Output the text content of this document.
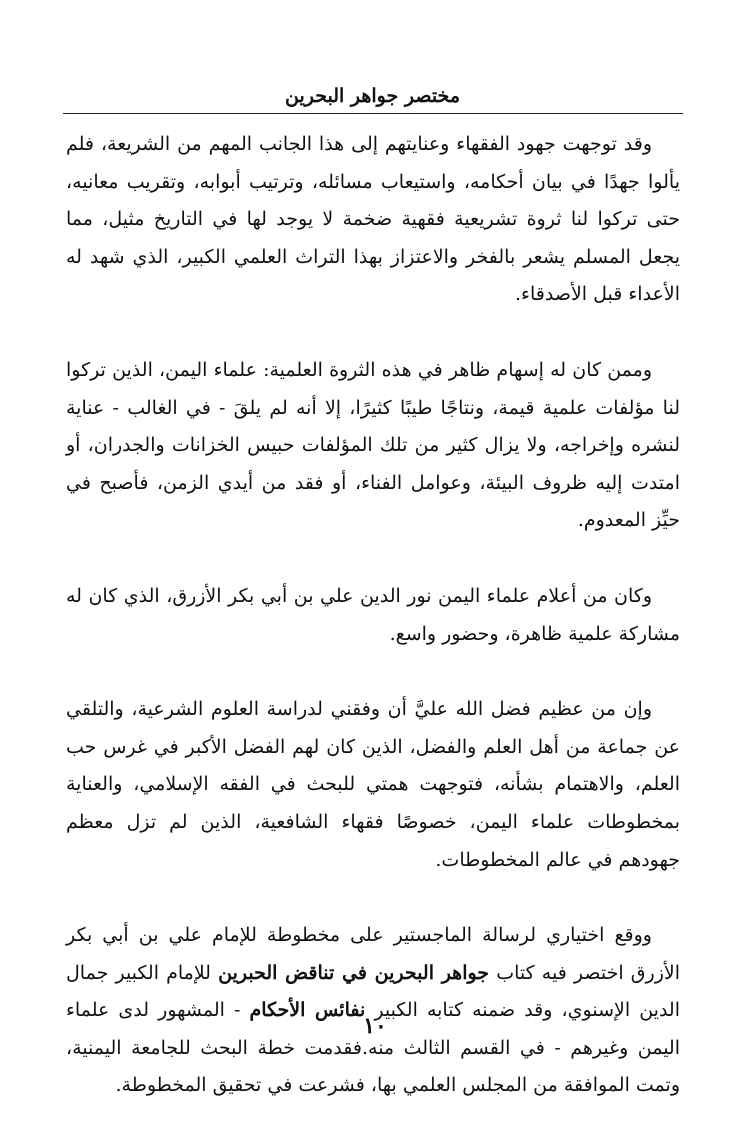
مختصر جواهر البحرين

وقد توجهت جهود الفقهاء وعنايتهم إلى هذا الجانب المهم من الشريعة، فلم يألوا جهدًا في بيان أحكامه، واستيعاب مسائله، وترتيب أبوابه، وتقريب معانيه، حتى تركوا لنا ثروة تشريعية فقهية ضخمة لا يوجد لها في التاريخ مثيل، مما يجعل المسلم يشعر بالفخر والاعتزاز بهذا التراث العلمي الكبير، الذي شهد له الأعداء قبل الأصدقاء.

وممن كان له إسهام ظاهر في هذه الثروة العلمية: علماء اليمن، الذين تركوا لنا مؤلفات علمية قيمة، ونتاجًا طيبًا كثيرًا، إلا أنه لم يلقَ - في الغالب - عناية لنشره وإخراجه، ولا يزال كثير من تلك المؤلفات حبيس الخزانات والجدران، أو امتدت إليه ظروف البيئة، وعوامل الفناء، أو فقد من أيدي الزمن، فأصبح في حيِّز المعدوم.

وكان من أعلام علماء اليمن نور الدين علي بن أبي بكر الأزرق، الذي كان له مشاركة علمية ظاهرة، وحضور واسع.

وإن من عظيم فضل الله عليَّ أن وفقني لدراسة العلوم الشرعية، والتلقي عن جماعة من أهل العلم والفضل، الذين كان لهم الفضل الأكبر في غرس حب العلم، والاهتمام بشأنه، فتوجهت همتي للبحث في الفقه الإسلامي، والعناية بمخطوطات علماء اليمن، خصوصًا فقهاء الشافعية، الذين لم تزل معظم جهودهم في عالم المخطوطات.

ووقع اختياري لرسالة الماجستير على مخطوطة للإمام علي بن أبي بكر الأزرق اختصر فيه كتاب جواهر البحرين في تناقض الحبرين للإمام الكبير جمال الدين الإسنوي، وقد ضمنه كتابه الكبير نفائس الأحكام - المشهور لدى علماء اليمن وغيرهم - في القسم الثالث منه.فقدمت خطة البحث للجامعة اليمنية، وتمت الموافقة من المجلس العلمي بها، فشرعت في تحقيق المخطوطة.

١٠
